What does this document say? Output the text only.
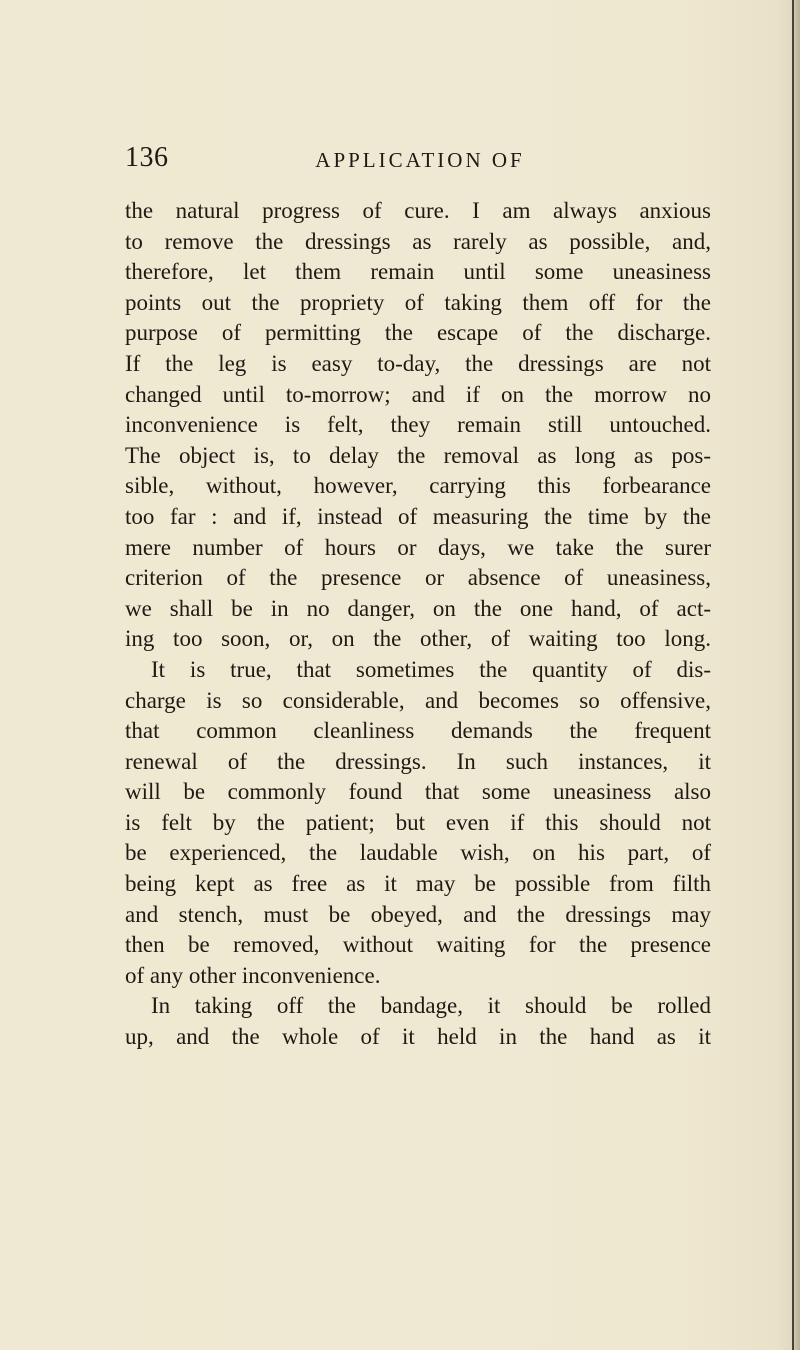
136	APPLICATION OF
the natural progress of cure. I am always anxious
to remove the dressings as rarely as possible, and,
therefore, let them remain until some uneasiness
points out the propriety of taking them off for the
purpose of permitting the escape of the discharge.
If the leg is easy to-day, the dressings are not
changed until to-morrow; and if on the morrow no
inconvenience is felt, they remain still untouched.
The object is, to delay the removal as long as pos-
sible, without, however, carrying this forbearance
too far : and if, instead of measuring the time by the
mere number of hours or days, we take the surer
criterion of the presence or absence of uneasiness,
we shall be in no danger, on the one hand, of act-
ing too soon, or, on the other, of waiting too long.
It is true, that sometimes the quantity of dis-
charge is so considerable, and becomes so offensive,
that common cleanliness demands the frequent
renewal of the dressings. In such instances, it
will be commonly found that some uneasiness also
is felt by the patient; but even if this should not
be experienced, the laudable wish, on his part, of
being kept as free as it may be possible from filth
and stench, must be obeyed, and the dressings may
then be removed, without waiting for the presence
of any other inconvenience.
In taking off the bandage, it should be rolled
up, and the whole of it held in the hand as it
